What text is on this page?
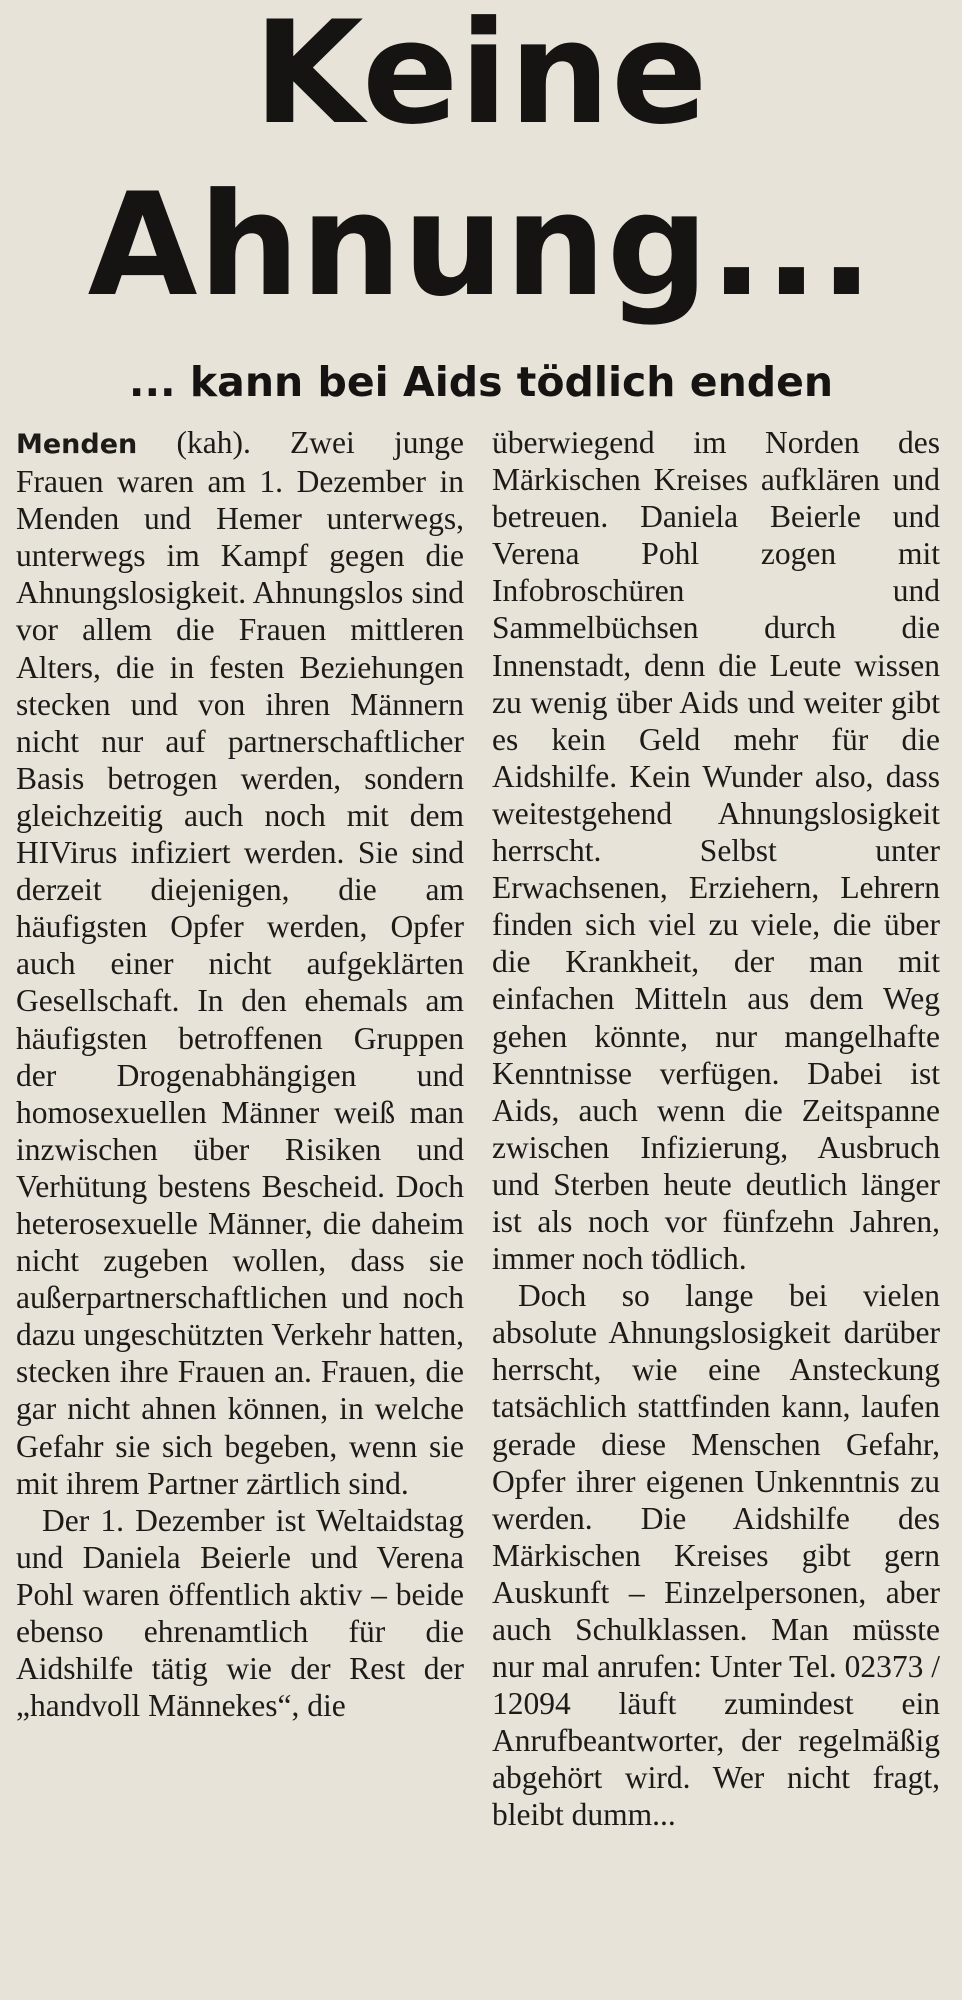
Keine
Ahnung...
... kann bei Aids tödlich enden

Menden (kah). Zwei junge Frauen waren am 1. Dezember in Menden und Hemer unterwegs, unterwegs im Kampf gegen die Ahnungslosigkeit. Ahnungslos sind vor allem die Frauen mittleren Alters, die in festen Beziehungen stecken und von ihren Männern nicht nur auf partnerschaftlicher Basis betrogen werden, sondern gleichzeitig auch noch mit dem HIVirus infiziert werden. Sie sind derzeit diejenigen, die am häufigsten Opfer werden, Opfer auch einer nicht aufgeklärten Gesellschaft. In den ehemals am häufigsten betroffenen Gruppen der Drogenabhängigen und homosexuellen Männer weiß man inzwischen über Risiken und Verhütung bestens Bescheid. Doch heterosexuelle Männer, die daheim nicht zugeben wollen, dass sie außerpartnerschaftlichen und noch dazu ungeschützten Verkehr hatten, stecken ihre Frauen an. Frauen, die gar nicht ahnen können, in welche Gefahr sie sich begeben, wenn sie mit ihrem Partner zärtlich sind.

Der 1. Dezember ist Weltaidstag und Daniela Beierle und Verena Pohl waren öffentlich aktiv – beide ebenso ehrenamtlich für die Aidshilfe tätig wie der Rest der „handvoll Männekes“, die

überwiegend im Norden des Märkischen Kreises aufklären und betreuen. Daniela Beierle und Verena Pohl zogen mit Infobroschüren und Sammelbüchsen durch die Innenstadt, denn die Leute wissen zu wenig über Aids und weiter gibt es kein Geld mehr für die Aidshilfe. Kein Wunder also, dass weitestgehend Ahnungslosigkeit herrscht. Selbst unter Erwachsenen, Erziehern, Lehrern finden sich viel zu viele, die über die Krankheit, der man mit einfachen Mitteln aus dem Weg gehen könnte, nur mangelhafte Kenntnisse verfügen. Dabei ist Aids, auch wenn die Zeitspanne zwischen Infizierung, Ausbruch und Sterben heute deutlich länger ist als noch vor fünfzehn Jahren, immer noch tödlich.

Doch so lange bei vielen absolute Ahnungslosigkeit darüber herrscht, wie eine Ansteckung tatsächlich stattfinden kann, laufen gerade diese Menschen Gefahr, Opfer ihrer eigenen Unkenntnis zu werden. Die Aidshilfe des Märkischen Kreises gibt gern Auskunft – Einzelpersonen, aber auch Schulklassen. Man müsste nur mal anrufen: Unter Tel. 02373 / 12094 läuft zumindest ein Anrufbeantworter, der regelmäßig abgehört wird. Wer nicht fragt, bleibt dumm...
